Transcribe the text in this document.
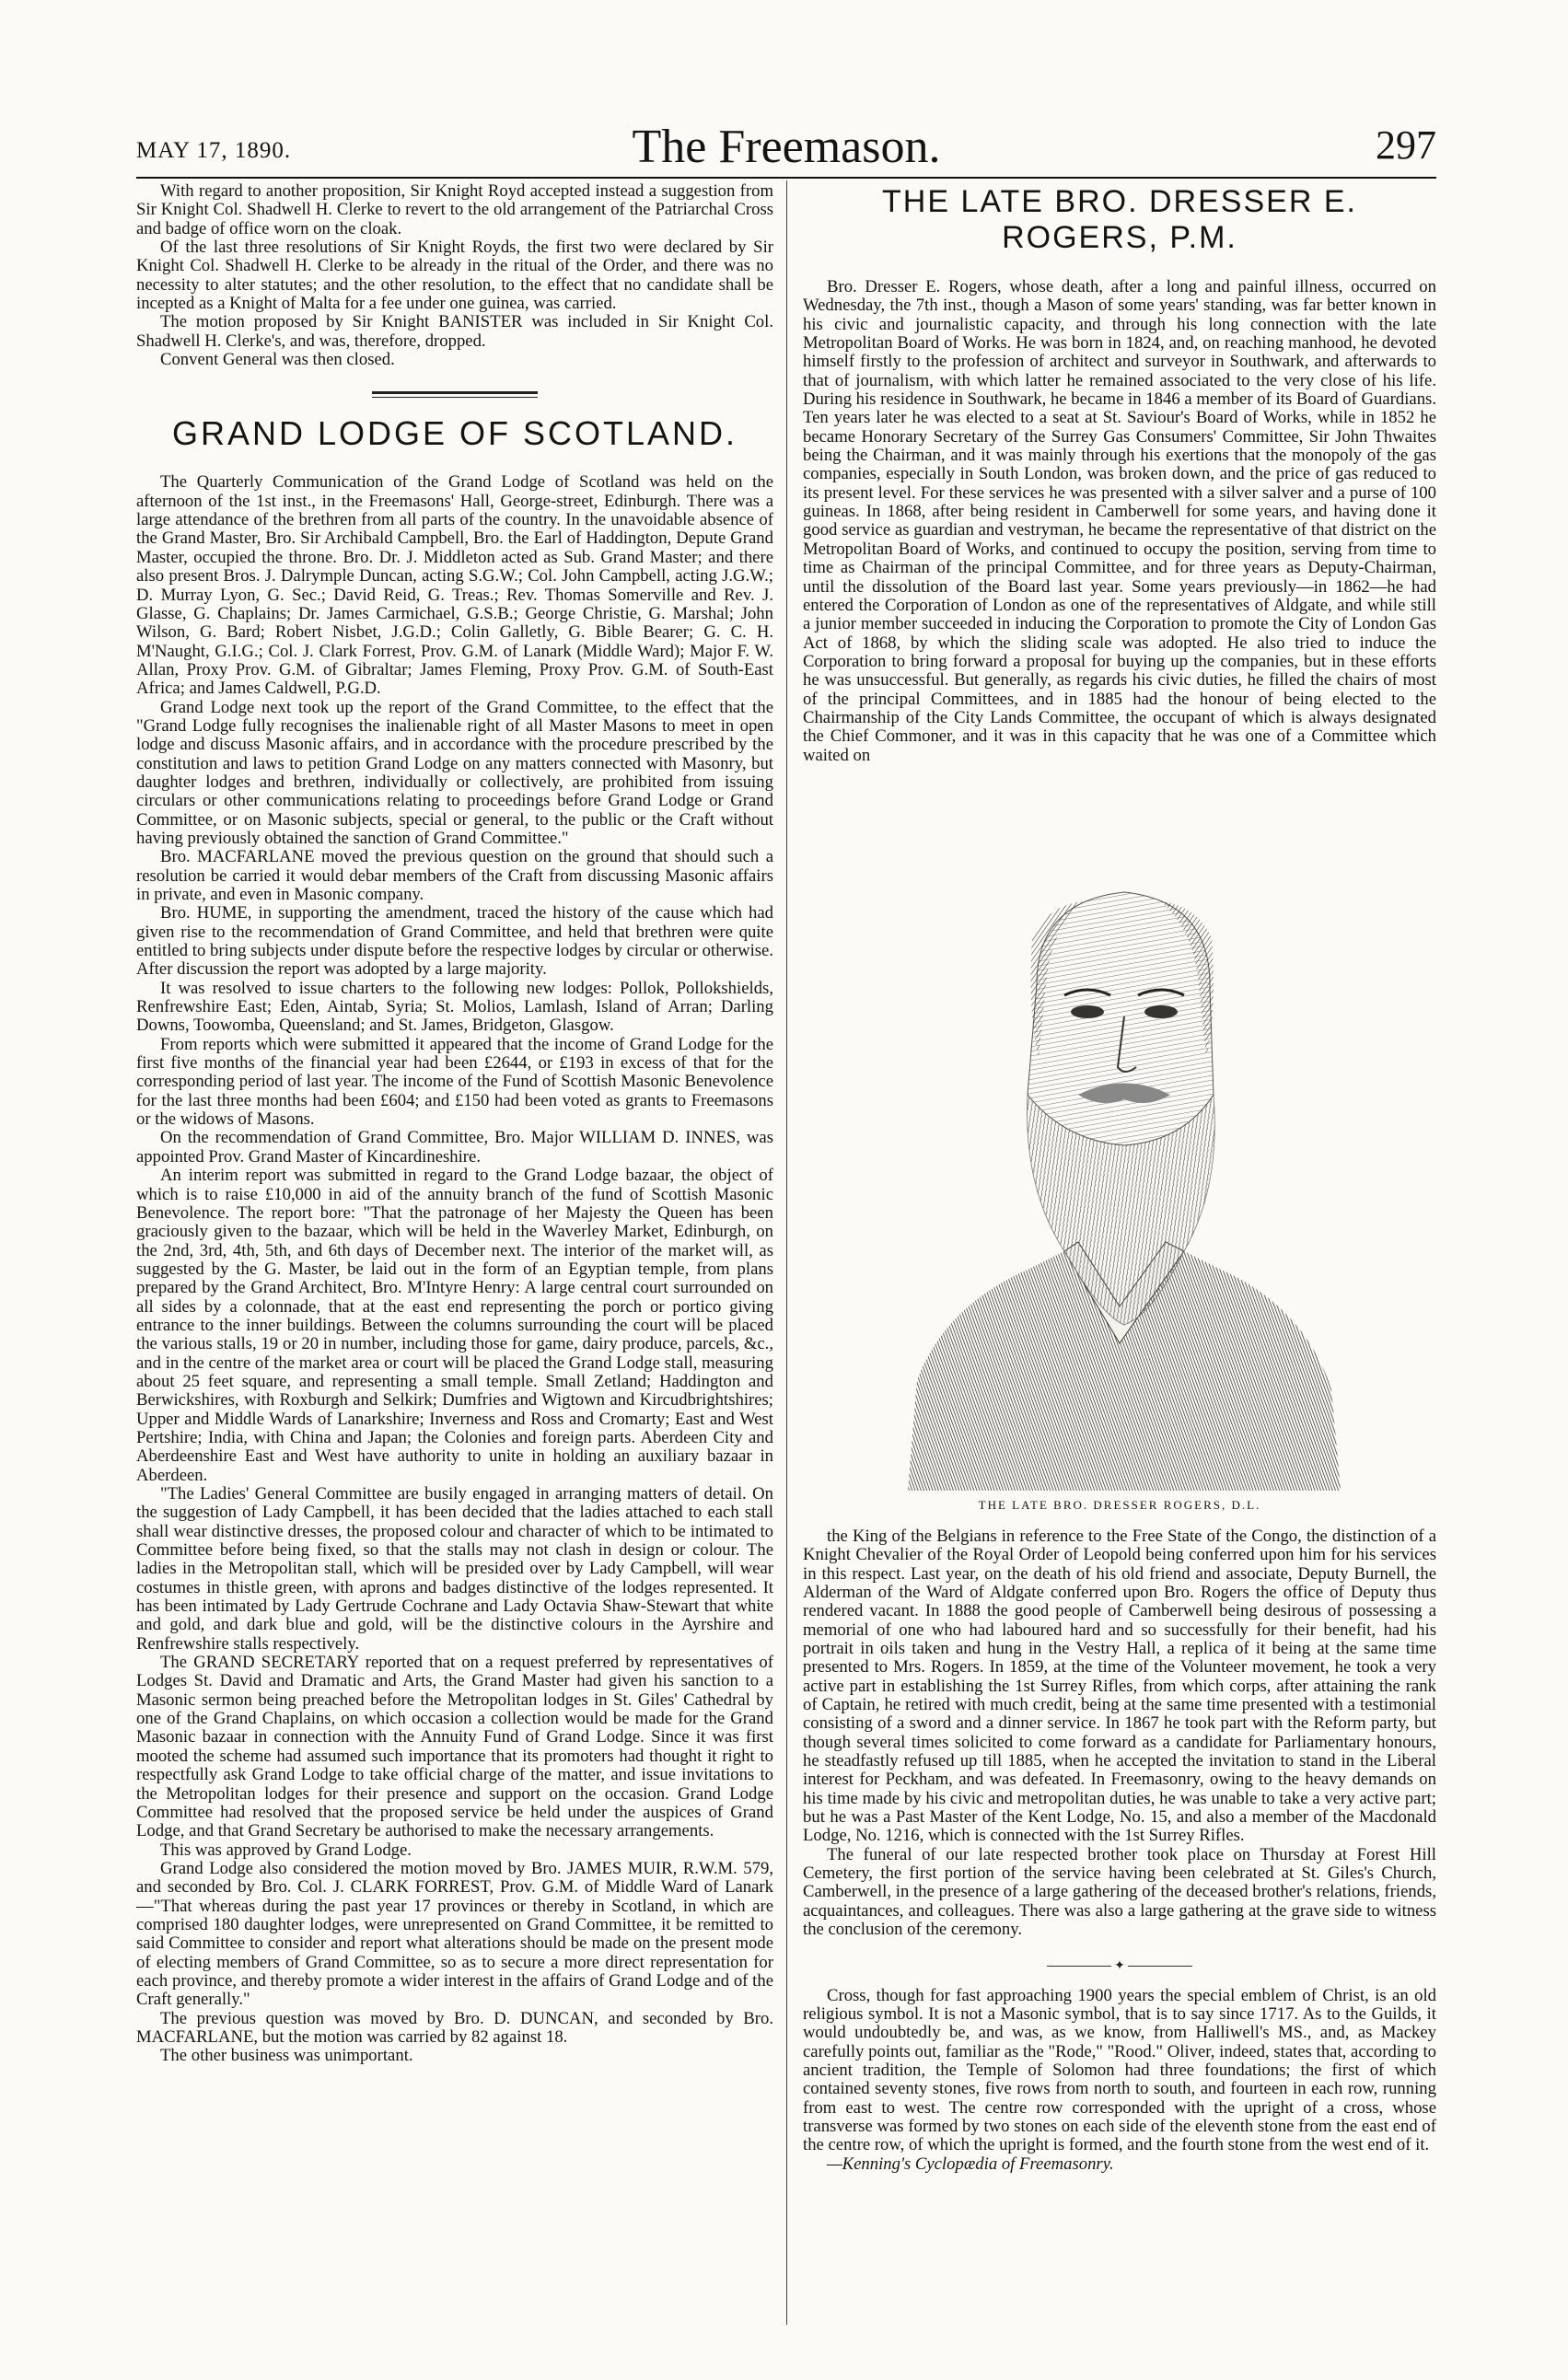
MAY 17, 1890.	The Freemason.	297

With regard to another proposition, Sir Knight Royd accepted instead a suggestion from Sir Knight Col. Shadwell H. Clerke to revert to the old arrangement of the Patriarchal Cross and badge of office worn on the cloak.

Of the last three resolutions of Sir Knight Royds, the first two were declared by Sir Knight Col. Shadwell H. Clerke to be already in the ritual of the Order, and there was no necessity to alter statutes; and the other resolution, to the effect that no candidate shall be incepted as a Knight of Malta for a fee under one guinea, was carried.

The motion proposed by Sir Knight BANISTER was included in Sir Knight Col. Shadwell H. Clerke's, and was, therefore, dropped.

Convent General was then closed.

GRAND LODGE OF SCOTLAND.

The Quarterly Communication of the Grand Lodge of Scotland was held on the afternoon of the 1st inst., in the Freemasons' Hall, George-street, Edinburgh. There was a large attendance of the brethren from all parts of the country. In the unavoidable absence of the Grand Master, Bro. Sir Archibald Campbell, Bro. the Earl of Haddington, Depute Grand Master, occupied the throne. Bro. Dr. J. Middleton acted as Sub. Grand Master; and there also present Bros. J. Dalrymple Duncan, acting S.G.W.; Col. John Campbell, acting J.G.W.; D. Murray Lyon, G. Sec.; David Reid, G. Treas.; Rev. Thomas Somerville and Rev. J. Glasse, G. Chaplains; Dr. James Carmichael, G.S.B.; George Christie, G. Marshal; John Wilson, G. Bard; Robert Nisbet, J.G.D.; Colin Galletly, G. Bible Bearer; G. C. H. M'Naught, G.I.G.; Col. J. Clark Forrest, Prov. G.M. of Lanark (Middle Ward); Major F. W. Allan, Proxy Prov. G.M. of Gibraltar; James Fleming, Proxy Prov. G.M. of South-East Africa; and James Caldwell, P.G.D.

Grand Lodge next took up the report of the Grand Committee, to the effect that the "Grand Lodge fully recognises the inalienable right of all Master Masons to meet in open lodge and discuss Masonic affairs, and in accordance with the procedure prescribed by the constitution and laws to petition Grand Lodge on any matters connected with Masonry, but daughter lodges and brethren, individually or collectively, are prohibited from issuing circulars or other communications relating to proceedings before Grand Lodge or Grand Committee, or on Masonic subjects, special or general, to the public or the Craft without having previously obtained the sanction of Grand Committee."

Bro. MACFARLANE moved the previous question on the ground that should such a resolution be carried it would debar members of the Craft from discussing Masonic affairs in private, and even in Masonic company.

Bro. HUME, in supporting the amendment, traced the history of the cause which had given rise to the recommendation of Grand Committee, and held that brethren were quite entitled to bring subjects under dispute before the respective lodges by circular or otherwise. After discussion the report was adopted by a large majority.

It was resolved to issue charters to the following new lodges: Pollok, Pollokshields, Renfrewshire East; Eden, Aintab, Syria; St. Molios, Lamlash, Island of Arran; Darling Downs, Toowomba, Queensland; and St. James, Bridgeton, Glasgow.

From reports which were submitted it appeared that the income of Grand Lodge for the first five months of the financial year had been £2644, or £193 in excess of that for the corresponding period of last year. The income of the Fund of Scottish Masonic Benevolence for the last three months had been £604; and £150 had been voted as grants to Freemasons or the widows of Masons.

On the recommendation of Grand Committee, Bro. Major WILLIAM D. INNES, was appointed Prov. Grand Master of Kincardineshire.

An interim report was submitted in regard to the Grand Lodge bazaar, the object of which is to raise £10,000 in aid of the annuity branch of the fund of Scottish Masonic Benevolence. The report bore: "That the patronage of her Majesty the Queen has been graciously given to the bazaar, which will be held in the Waverley Market, Edinburgh, on the 2nd, 3rd, 4th, 5th, and 6th days of December next. The interior of the market will, as suggested by the G. Master, be laid out in the form of an Egyptian temple, from plans prepared by the Grand Architect, Bro. M'Intyre Henry: A large central court surrounded on all sides by a colonnade, that at the east end representing the porch or portico giving entrance to the inner buildings. Between the columns surrounding the court will be placed the various stalls, 19 or 20 in number, including those for game, dairy produce, parcels, &c., and in the centre of the market area or court will be placed the Grand Lodge stall, measuring about 25 feet square, and representing a small temple. Small Zetland; Haddington and Berwickshires, with Roxburgh and Selkirk; Dumfries and Wigtown and Kircudbrightshires; Upper and Middle Wards of Lanarkshire; Inverness and Ross and Cromarty; East and West Pertshire; India, with China and Japan; the Colonies and foreign parts. Aberdeen City and Aberdeenshire East and West have authority to unite in holding an auxiliary bazaar in Aberdeen.

"The Ladies' General Committee are busily engaged in arranging matters of detail. On the suggestion of Lady Campbell, it has been decided that the ladies attached to each stall shall wear distinctive dresses, the proposed colour and character of which to be intimated to Committee before being fixed, so that the stalls may not clash in design or colour. The ladies in the Metropolitan stall, which will be presided over by Lady Campbell, will wear costumes in thistle green, with aprons and badges distinctive of the lodges represented. It has been intimated by Lady Gertrude Cochrane and Lady Octavia Shaw-Stewart that white and gold, and dark blue and gold, will be the distinctive colours in the Ayrshire and Renfrewshire stalls respectively.

The GRAND SECRETARY reported that on a request preferred by representatives of Lodges St. David and Dramatic and Arts, the Grand Master had given his sanction to a Masonic sermon being preached before the Metropolitan lodges in St. Giles' Cathedral by one of the Grand Chaplains, on which occasion a collection would be made for the Grand Masonic bazaar in connection with the Annuity Fund of Grand Lodge. Since it was first mooted the scheme had assumed such importance that its promoters had thought it right to respectfully ask Grand Lodge to take official charge of the matter, and issue invitations to the Metropolitan lodges for their presence and support on the occasion. Grand Lodge Committee had resolved that the proposed service be held under the auspices of Grand Lodge, and that Grand Secretary be authorised to make the necessary arrangements.

This was approved by Grand Lodge.

Grand Lodge also considered the motion moved by Bro. JAMES MUIR, R.W.M. 579, and seconded by Bro. Col. J. CLARK FORREST, Prov. G.M. of Middle Ward of Lanark—"That whereas during the past year 17 provinces or thereby in Scotland, in which are comprised 180 daughter lodges, were unrepresented on Grand Committee, it be remitted to said Committee to consider and report what alterations should be made on the present mode of electing members of Grand Committee, so as to secure a more direct representation for each province, and thereby promote a wider interest in the affairs of Grand Lodge and of the Craft generally."

The previous question was moved by Bro. D. DUNCAN, and seconded by Bro. MACFARLANE, but the motion was carried by 82 against 18.

The other business was unimportant.

THE LATE BRO. DRESSER E. ROGERS, P.M.

Bro. Dresser E. Rogers, whose death, after a long and painful illness, occurred on Wednesday, the 7th inst., though a Mason of some years' standing, was far better known in his civic and journalistic capacity, and through his long connection with the late Metropolitan Board of Works. He was born in 1824, and, on reaching manhood, he devoted himself firstly to the profession of architect and surveyor in Southwark, and afterwards to that of journalism, with which latter he remained associated to the very close of his life. During his residence in Southwark, he became in 1846 a member of its Board of Guardians. Ten years later he was elected to a seat at St. Saviour's Board of Works, while in 1852 he became Honorary Secretary of the Surrey Gas Consumers' Committee, Sir John Thwaites being the Chairman, and it was mainly through his exertions that the monopoly of the gas companies, especially in South London, was broken down, and the price of gas reduced to its present level. For these services he was presented with a silver salver and a purse of 100 guineas. In 1868, after being resident in Camberwell for some years, and having done it good service as guardian and vestryman, he became the representative of that district on the Metropolitan Board of Works, and continued to occupy the position, serving from time to time as Chairman of the principal Committee, and for three years as Deputy-Chairman, until the dissolution of the Board last year. Some years previously—in 1862—he had entered the Corporation of London as one of the representatives of Aldgate, and while still a junior member succeeded in inducing the Corporation to promote the City of London Gas Act of 1868, by which the sliding scale was adopted. He also tried to induce the Corporation to bring forward a proposal for buying up the companies, but in these efforts he was unsuccessful. But generally, as regards his civic duties, he filled the chairs of most of the principal Committees, and in 1885 had the honour of being elected to the Chairmanship of the City Lands Committee, the occupant of which is always designated the Chief Commoner, and it was in this capacity that he was one of a Committee which waited on

THE LATE BRO. DRESSER ROGERS, D.L.

the King of the Belgians in reference to the Free State of the Congo, the distinction of a Knight Chevalier of the Royal Order of Leopold being conferred upon him for his services in this respect. Last year, on the death of his old friend and associate, Deputy Burnell, the Alderman of the Ward of Aldgate conferred upon Bro. Rogers the office of Deputy thus rendered vacant. In 1888 the good people of Camberwell being desirous of possessing a memorial of one who had laboured hard and so successfully for their benefit, had his portrait in oils taken and hung in the Vestry Hall, a replica of it being at the same time presented to Mrs. Rogers. In 1859, at the time of the Volunteer movement, he took a very active part in establishing the 1st Surrey Rifles, from which corps, after attaining the rank of Captain, he retired with much credit, being at the same time presented with a testimonial consisting of a sword and a dinner service. In 1867 he took part with the Reform party, but though several times solicited to come forward as a candidate for Parliamentary honours, he steadfastly refused up till 1885, when he accepted the invitation to stand in the Liberal interest for Peckham, and was defeated. In Freemasonry, owing to the heavy demands on his time made by his civic and metropolitan duties, he was unable to take a very active part; but he was a Past Master of the Kent Lodge, No. 15, and also a member of the Macdonald Lodge, No. 1216, which is connected with the 1st Surrey Rifles.

The funeral of our late respected brother took place on Thursday at Forest Hill Cemetery, the first portion of the service having been celebrated at St. Giles's Church, Camberwell, in the presence of a large gathering of the deceased brother's relations, friends, acquaintances, and colleagues. There was also a large gathering at the grave side to witness the conclusion of the ceremony.

✦

Cross, though for fast approaching 1900 years the special emblem of Christ, is an old religious symbol. It is not a Masonic symbol, that is to say since 1717. As to the Guilds, it would undoubtedly be, and was, as we know, from Halliwell's MS., and, as Mackey carefully points out, familiar as the "Rode," "Rood." Oliver, indeed, states that, according to ancient tradition, the Temple of Solomon had three foundations; the first of which contained seventy stones, five rows from north to south, and fourteen in each row, running from east to west. The centre row corresponded with the upright of a cross, whose transverse was formed by two stones on each side of the eleventh stone from the east end of the centre row, of which the upright is formed, and the fourth stone from the west end of it.

—Kenning's Cyclopædia of Freemasonry.
